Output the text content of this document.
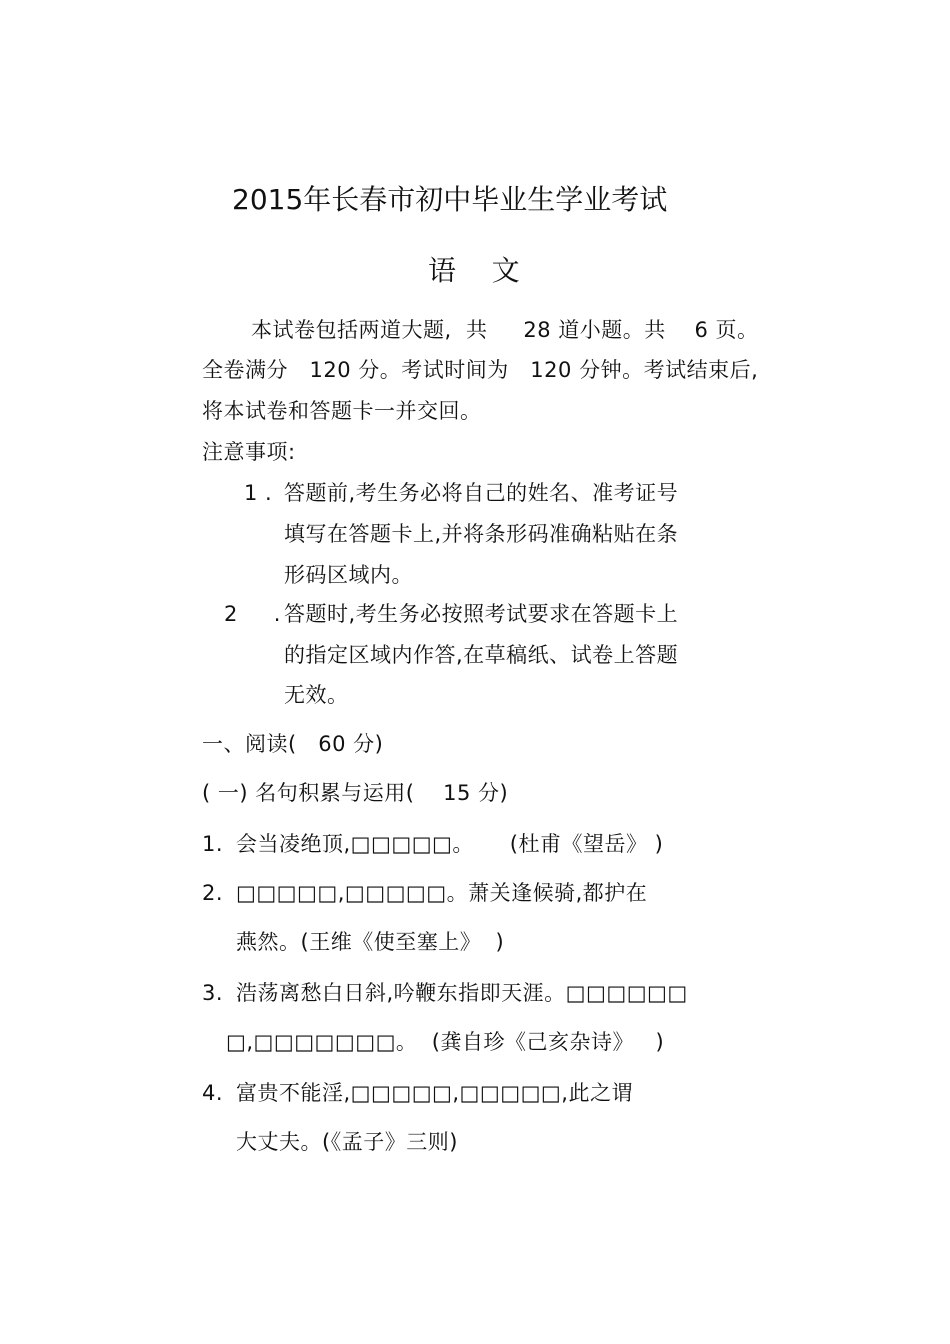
2015年长春市初中毕业生学业考试
语    文
本试卷包括两道大题,  共     28 道小题。共    6 页。
全卷满分   120 分。考试时间为   120 分钟。考试结束后,
将本试卷和答题卡一并交回。
注意事项:
1 . 答题前,考生务必将自己的姓名、准考证号
填写在答题卡上,并将条形码准确粘贴在条
形码区域内。
2     . 答题时,考生务必按照考试要求在答题卡上
的指定区域内作答,在草稿纸、试卷上答题
无效。
一、阅读(   60 分)
( 一) 名句积累与运用(    15 分)
1. 会当凌绝顶,□□□□□。     (杜甫《望岳》 )
2. □□□□□,□□□□□。萧关逢候骑,都护在
燕然。(王维《使至塞上》  )
3. 浩荡离愁白日斜,吟鞭东指即天涯。□□□□□□
□,□□□□□□□。  (龚自珍《己亥杂诗》   )
4. 富贵不能淫,□□□□□,□□□□□,此之谓
大丈夫。(《孟子》三则)
